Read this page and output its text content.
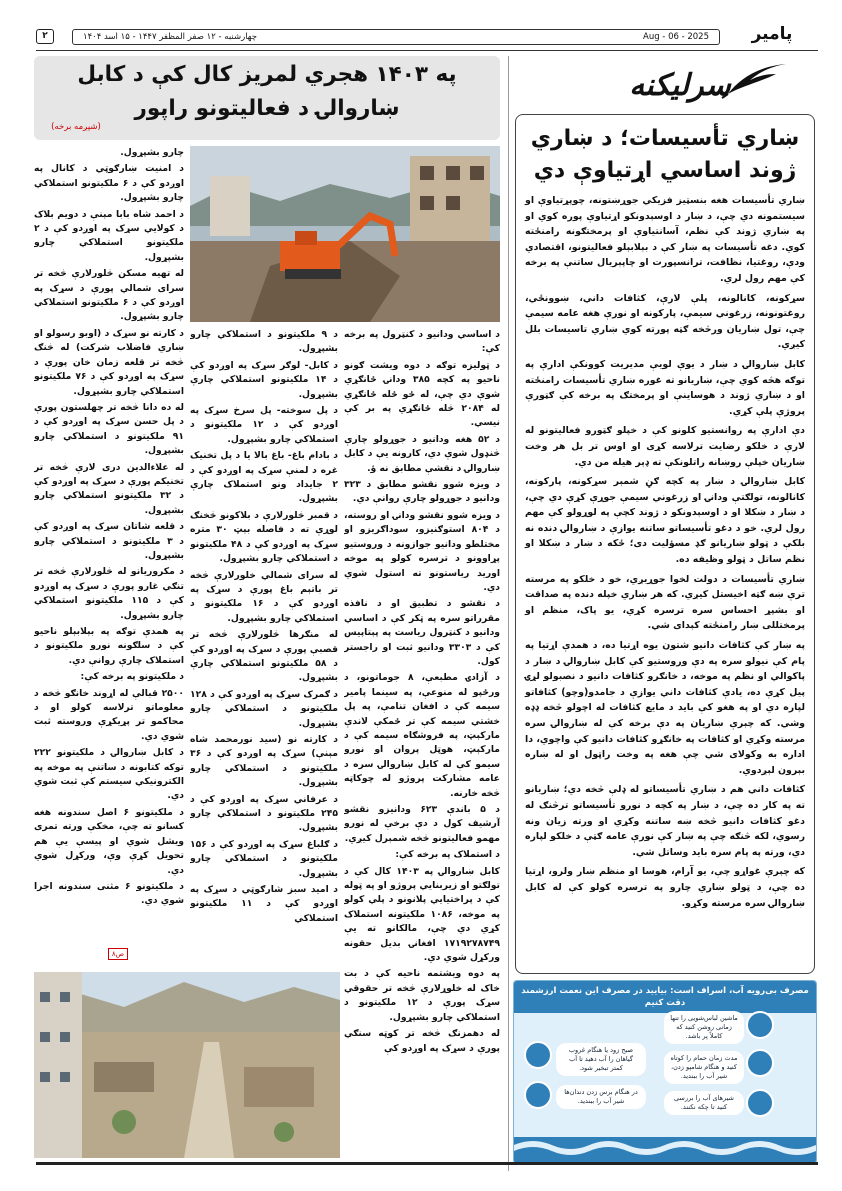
۲	چهارشنبه - ۱۲ صفر المظفر ۱۴۴۷ - ۱۵ اسد ۱۴۰۴	Aug - 06 - 2025	پامیر
سرلیکنه
ښاري تأسیسات؛ د ښاري ژوند اساسي اړتیاوې دي

ښاري تأسیسات هغه بنسټیز فزیکي جوړښتونه، چوپړتیاوې او سیستمونه دي چې، د ښار د اوسېدونکو اړتیاوې پوره کوي او په ښاري ژوند کې نظم، آسانتیاوې او پرمختګونه رامنځته کوي. دغه تأسیسات په ښار کې د بېلابېلو فعالیتونو، اقتصادي ودې، روغتیا، نظافت، ترانسپورت او چاپېریال ساتنې په برخه کې مهم رول لري.

سړکونه، کانالونه، پلې لارې، کثافات داني، ښوونځي، روغتونونه، زرغوني سیمې، پارکونه او نورې هغه عامه سیمې چې، تول ښاریان ورڅخه ګټه پورته کوي ښاري تاسیسات بلل کیږي.

کابل ښاروالۍ د ښار د یوې لویې مدیریت کوونکې ادارې په توګه هڅه کوي چې، ښاریانو ته غوره ښاري تأسیسات رامنځته او د ښاري ژوند د هوساینې او پرمختګ په برخه کې ګټورې پروژې پلې کړي.

دې ادارې په روانستیو کلونو کې د خپلو ګټورو فعالیتونو له لارې د خلکو رضایت ترلاسه کړی او اوس تر بل هر وخت ښاریان خپلې روښانه راتلونکې ته ډېر هیله من دي.

کابل ښاروالۍ د ښار په کچه ګڼ شمېر سړکونه، پارکونه، کانالونه، تولګتې ودانۍ او زرغوني سیمې جوړې کړې دي چې، د ښار د ښکلا او د اوسېدونکو د ژوند کچې په لوړولو کې مهم رول لري. خو د دغو تأسیساتو ساتنه یوازې د ښاروالۍ دنده نه بلکې د ټولو ښاریانو ګډ مسؤلیت دی؛ ځکه د ښار د ښکلا او نظم ساتل د ټولو وظیفه ده.

ښاري تأسیسات د دولت لخوا جوړیږي، خو د خلکو په مرسته ترې ښه ګټه اخیستل کیږي. که هر ښاري خپله دنده په صداقت او بشپړ احساس سره ترسره کړي، یو پاک، منظم او پرمختللی ښار رامنځته کېدای شي.

په ښار کې کثافات دانیو شتون یوه اړتیا ده، د همدې اړتیا په پام کې نیولو سره په دې وروستیو کې کابل ښاروالۍ د ښار د پاکوالي او نظم په موخه، د خانګرو کثافات دانیو د نصبولو لړۍ پیل کړې ده، یادې کثافات داني یوازې د جامدو(وچو) کثافاتو لپاره دي او په هغو کې باید د مایع کثافات له اچولو څخه ډډه وشي. که چېرې ښاریان په دې برخه کې له ښاروالۍ سره مرسته وکړي او کثافات په خانګړو کثافات دانیو کې واچوي، دا اداره به وکولای شي چې هغه په وخت راټول او له ښاره بېرون لېږدوي.

کثافات داني هم د ښاري تأسیساتو له ډلې څخه دي؛ ښاریانو ته په کار ده چې، د ښار په کچه د نورو تأسیساتو ترڅنګ له دغو کثافات دانیو څخه ښه ساتنه وکړي او ورته زیان ونه رسوي، لکه څنګه چې په ښار کې نورې عامه ګټې د خلکو لپاره دي، ورته په پام سره باید وساتل شي.

که چېرې غواړو چې، یو آرام، هوسا او منظم ښار ولرو، اړتیا ده چې، د ټولو ښاري چارو په ترسره کولو کې له کابل ښاروالۍ سره مرسته وکړو.

مصرف بی‌رویه آب، اسراف است: بیایید در مصرف این نعمت ارزشمند دقت کنیم
ماشین لباس‌شویی را تنها زمانی روشن کنید که کاملاً پر باشد.
صبح زود یا هنگام غروب گیاهان را آب دهید تا آب کمتر تبخیر شود.
مدت زمان حمام را کوتاه کنید و هنگام شامپو زدن، شیر آب را ببندید.
در هنگام برس زدن دندان‌ها شیر آب را ببندید.	شیرهای آب را بررسی کنید تا چکه نکنند.
په ۱۴۰۳ هجري لمریز کال کې د کابل ښاروالۍ د فعالیتونو راپور
(شپږمه برخه)

د اساسي ودانیو د کنټرول په برخه کې:

د ټولیزه توګه د دوه ویشت ګونو ناحیو په کچه ۳۸۵ ودانۍ ځانګړي شوې دي چې، له ځو ځله ځانګړي له ۲۰۸۴ څله ځانګړي په بر کې نیسي.

د ۵۲ هغه ودانیو د جوړولو چارې څنډول شوې دي، کارونه یې د کابل ښاروالۍ د نقشې مطابق نه ؤ.

د ویزه شوو نقشو مطابق د ۳۲۳ ودانیو د جوړولو چارې روانې دي.

د ویزه شوو نقشو ودانۍ او روسته، د ۸۰۴ استوګنیزو، سوداګریزو او مختلطو ودانیو جوازونه د وروستیو پړاوونو د ترسره کولو په موخه اورید ریاستونو ته استول شوي دي.

د نقشو د تطبیق او د نافذه مقرراتو سره په ټکر کې د اساسي ودانیو د کنټرول ریاست په پېتاپیس کې د ۳۳۰۳ ودانیو ثبت او راجستر کول.

د آزادۍ مطبعې، ۸ جوماتونو، د ورځپو له منوعې، په سینما پامیر سیمه کې د افغان تنامې، په پل خشتي سیمه کې تر ځمکې لاندې مارکېټ، په فروشګاه سیمه کې د مارکېټ، هوټل پروان او نورو سیمو کې له کابل ښاروالۍ سره د عامه مشارکت پروژو له چوکاټه څخه خارنه.

د ۵ باندې ۶۲۳ ودانیزو نقشو آرشیف کول د دې برخې له نورو مهمو فعالیتونو څخه شمېرل کیږي.

د استملاک په برخه کې:

کابل ښاروالۍ په ۱۴۰۳ کال کې د تولګتو او زیربنایي پروژو او په ټوله کې د پراختیایي پلانونو د پلي کولو په موخه، ۱۰۸۶ ملکیتونه استملاک کړي دي چې، مالکانو ته یې ۱۷۱۹۲۷۸۷۴۹ افغانۍ بدیل حقونه ورکړل شوي دي.

په دوه ویشتمه ناحیه کې د بت خاک له خلوړلارې څخه تر حقوقي سړک پورې د ۱۲ ملکیتونو د استملاکي چارو بشپړول.

له دهمزنګ څخه تر کوټه سنګي پورې د سړک په اوږدو کې

د ۹ ملکیتونو د استملاکي چارو بشپړول.

د کابل- لوګر سړک په اوږدو کې د ۱۴ ملکیتونو استملاکي چارې بشپړول.

د پل سوخته- پل سرخ سړک په اوږدو کې د ۱۲ ملکیتونو د استملاکي چارو بشپړول.

د بادام باغ- باغ بالا یا د پل تخنیک غره د لمنې سړک په اوږدو کې د ۲ جایداد ونو استملاک چارې بشپړول.

د قمبر څلورلارې د بلاکونو څخنګ لوړې ته د فاصله بېټ ۳۰ متره سړک په اوږدو کې د ۴۸ ملکیتونو د استملاکي چارو بشپړول.

له سرای شمالي خلورلارې څخه تر باتېم باغ پورې د سړک په اوږدو کې د ۱۶ ملکیتونو د استملاکي چارو بشپړول.

له منګرها څلورلارې څخه تر قصبې پورې د سړک په اوږدو کې د ۵۸ ملکیتونو استملاکي چارې بشپړول.

د ګمرک سړک په اوږدو کې د ۱۲۸ ملکیتونو د استملاکي چارو بشپړول.

د کارته نو (سید نورمحمد شاه مېنې) سړک په اوږدو کې د ۳۶ ملکیتونو د استملاکي چارو بشپړول.

د عرفاني سړک په اوږدو کې د ۲۴۵ ملکیتونو د استملاکي چارو بشپړول.

د ګلباغ سړک په اوږدو کې د ۱۵۶ ملکیتونو د استملاکي چارو بشپړول.

د امید سبز شارګوټي د سړک په اوږدو کې د ۱۱ ملکیتونو استملاکي

چارو بشپړول.

د امنیت ښارګوټي د کانال په اوږدو کې د ۶ ملکیتونو استملاکي چارو بشپړول.

د احمد شاه بابا مېنې د دویم بلاک د کولايي سړک په اوږدو کې د ۲ ملکیتونو استملاکي چارو بشپړول.

له تهیه مسکن څلورلارې څخه تر سرای شمالي پورې د سړک په اوږدو کې د ۶ ملکیتونو استملاکي چارو بشپړول.

د کارته نو سړک د (اوبو رسولو او ښاري فاضلاب شرکت) له څنګ څخه تر قلعه زمان خان پورې د سړک په اوږدو کې د ۷۶ ملکیتونو استملاکي چارو بشپړول.

له ده دانا څخه تر چهلستون پورې د پل حسن سړک په اوږدو کې د ۹۱ ملکیتونو د استملاکي چارو بشپړول.

له علاءالدین دری لارې څخه تر تخنیکم پورې د سړک په اوږدو کې د ۳۲ ملکیتونو استملاکي چارو بشپړول.

د قلعه شاتان سړک په اوږدو کې د ۳ ملکیتونو د استملاکي چارو بشپړول.

د مکروریانو له څلورلارې څخه تر تنګي غارو پورې د سړک په اوږدو کې د ۱۱۵ ملکیتونو استملاکي چارو بشپړول.

په همدې توګه په بېلابېلو ناحیو کې د سلګونه نورو ملکیتونو د استملاک چارې روانې دي.

د ملکیتونو په برخه کې:

۲۵۰۰ قبالې له اړوند خانګو څخه د معلوماتو ترلاسه کولو او د محاکمو تر پړیکړې وروسته ثبت شوي دي.

د کابل ښاروالۍ د ملکیتونو ۲۲۲ توکه کتابونه د ساتنې په موخه په الکترونیکي سیستم کې ثبت شوي دي.

د ملکیتونو ۶ اصل سندونه هغه کسانو ته چې، مخکې ورته تمری ویشل شوي او پیسې یې هم تحویل کړې وې، ورکړل شوي دي.

د ملکیتونو ۶ مثنی سندونه اجرا شوي دي.

ص۸
